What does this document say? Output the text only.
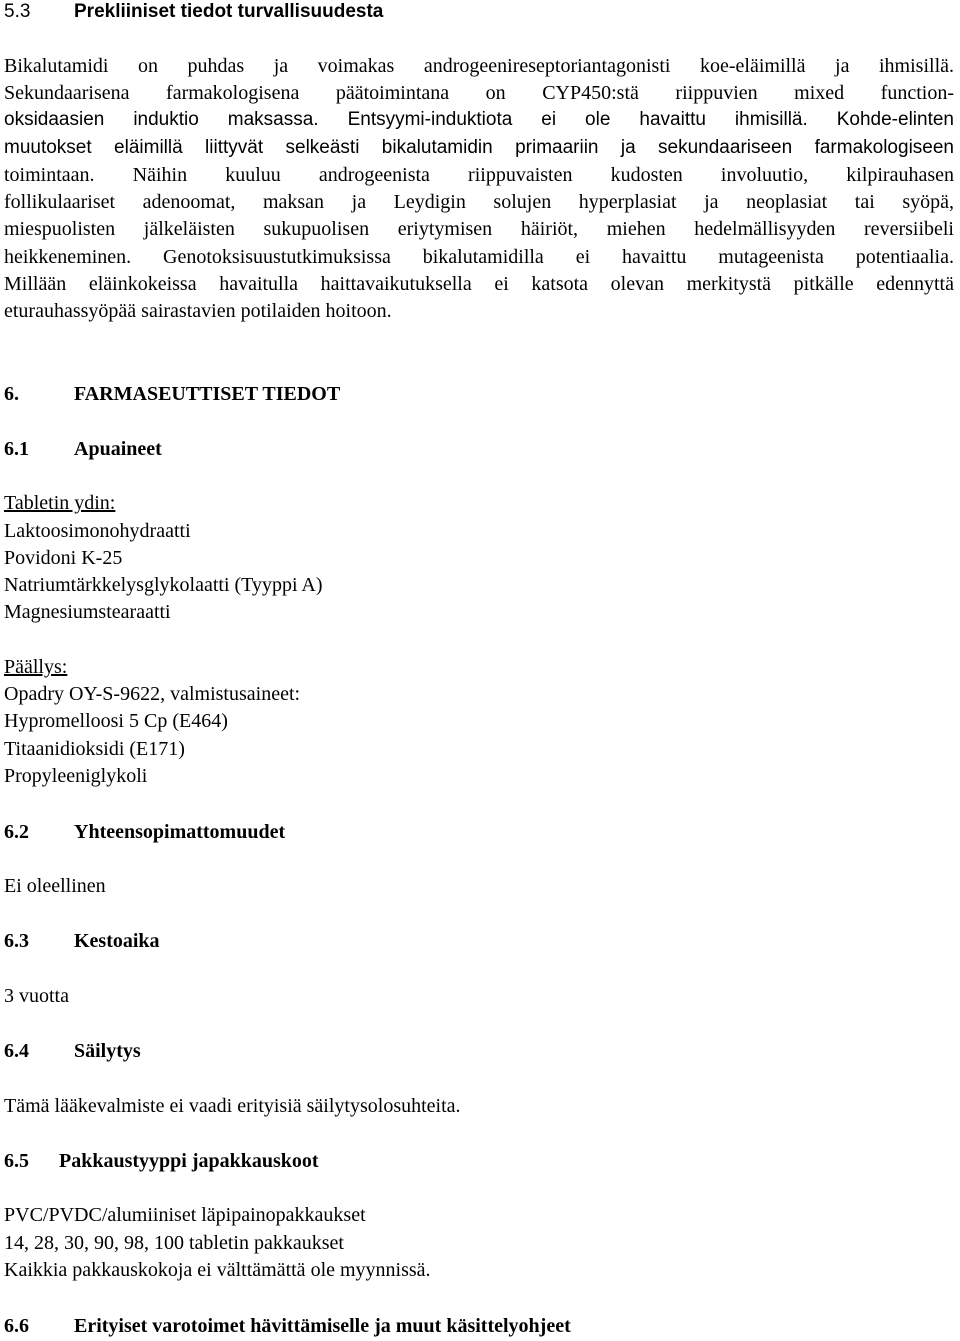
5.3 Prekliiniset tiedot turvallisuudesta
Bikalutamidi on puhdas ja voimakas androgeenireseptoriantagonisti koe-eläimillä ja ihmisillä.
Sekundaarisena farmakologisena päätoimintana on CYP450:stä riippuvien mixed function-
oksidaasien induktio maksassa. Entsyymi-induktiota ei ole havaittu ihmisillä. Kohde-elinten
muutokset eläimillä liittyvät selkeästi bikalutamidin primaariin ja sekundaariseen farmakologiseen
toimintaan. Näihin kuuluu androgeenista riippuvaisten kudosten involuutio, kilpirauhasen
follikulaariset adenoomat, maksan ja Leydigin solujen hyperplasiat ja neoplasiat tai syöpä,
miespuolisten jälkeläisten sukupuolisen eriytymisen häiriöt, miehen hedelmällisyyden reversiibeli
heikkeneminen. Genotoksisuustutkimuksissa bikalutamidilla ei havaittu mutageenista potentiaalia.
Millään eläinkokeissa havaitulla haittavaikutuksella ei katsota olevan merkitystä pitkälle edennyttä
eturauhassyöpää sairastavien potilaiden hoitoon.
6.	FARMASEUTTISET TIEDOT
6.1 Apuaineet
Tabletin ydin:
Laktoosimonohydraatti
Povidoni K-25
Natriumtärkkelysglykolaatti (Tyyppi A)
Magnesiumstearaatti
Päällys:
Opadry OY-S-9622, valmistusaineet:
Hypromelloosi 5 Cp (E464)
Titaanidioksidi (E171)
Propyleeniglykoli
6.2 Yhteensopimattomuudet
Ei oleellinen
6.3 Kestoaika
3 vuotta
6.4 Säilytys
Tämä lääkevalmiste ei vaadi erityisiä säilytysolosuhteita.
6.5 Pakkaustyyppi japakkauskoot
PVC/PVDC/alumiiniset läpipainopakkaukset
14, 28, 30, 90, 98, 100 tabletin pakkaukset
Kaikkia pakkauskokoja ei välttämättä ole myynnissä.
6.6 Erityiset varotoimet hävittämiselle ja muut käsittelyohjeet
